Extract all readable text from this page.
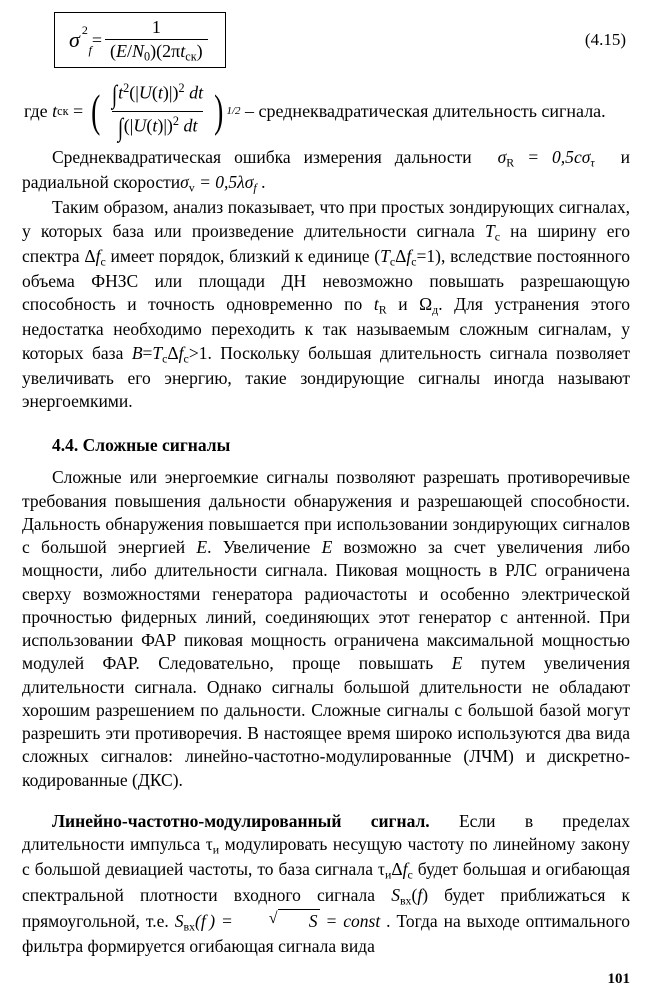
σ 2
f
= $\frac{1}{(E/N_0)(2\pi tск)}$	(4.15)
где t ск = ( $\frac{\int t^2(|U(t)|)^2 dt}{\int(|U(t)|)^2 dt}$ ) 1/2 – среднеквадратическая длительность сигнала.

Среднеквадратическая ошибка измерения дальности  $\sigma_R = 0,5c\sigma_\tau$  и радиальной скоростиσv = $0,5\lambda\sigma_f$ .

Таким образом, анализ показывает, что при простых зондирующих сигналах, у которых база или произведение длительности сигнала Tс на ширину его спектра Δfс имеет порядок, близкий к единице (TсΔfс=1), вследствие постоянного объема ФНЗС или площади ДН невозможно повышать разрешающую способность и точность одновременно по $t_R$ и Ωд. Для устранения этого недостатка необходимо переходить к так называемым сложным сигналам, у которых база B=TсΔfс>1. Поскольку большая длительность сигнала позволяет увеличивать его энергию, такие зондирующие сигналы иногда называют энергоемкими.

4.4. Сложные сигналы

Сложные или энергоемкие сигналы позволяют разрешать противоречивые требования повышения дальности обнаружения и разрешающей способности. Дальность обнаружения повышается при использовании зондирующих сигналов с большой энергией E. Увеличение E возможно за счет увеличения либо мощности, либо длительности сигнала. Пиковая мощность в РЛС ограничена сверху возможностями генератора радиочастоты и особенно электрической прочностью фидерных линий, соединяющих этот генератор с антенной. При использовании ФАР пиковая мощность ограничена максимальной мощностью модулей ФАР. Следовательно, проще повышать E путем увеличения длительности сигнала. Однако сигналы большой длительности не обладают хорошим разрешением по дальности. Сложные сигналы с большой базой могут разрешить эти противоречия. В настоящее время широко используются два вида сложных сигналов: линейно-частотно-модулированные (ЛЧМ) и дискретно-кодированные (ДКС).

Линейно-частотно-модулированный сигнал. Если в пределах длительности импульса τи модулировать несущую частоту по линейному закону с большой девиацией частоты, то база сигнала τиΔfс будет большая и огибающая спектральной плотности входного сигнала Sвх(f) будет приближаться к прямоугольной, т.е. Sвх(f ) =	√ S = const . Тогда на выходе оптимального фильтра формируется огибающая сигнала вида

101
